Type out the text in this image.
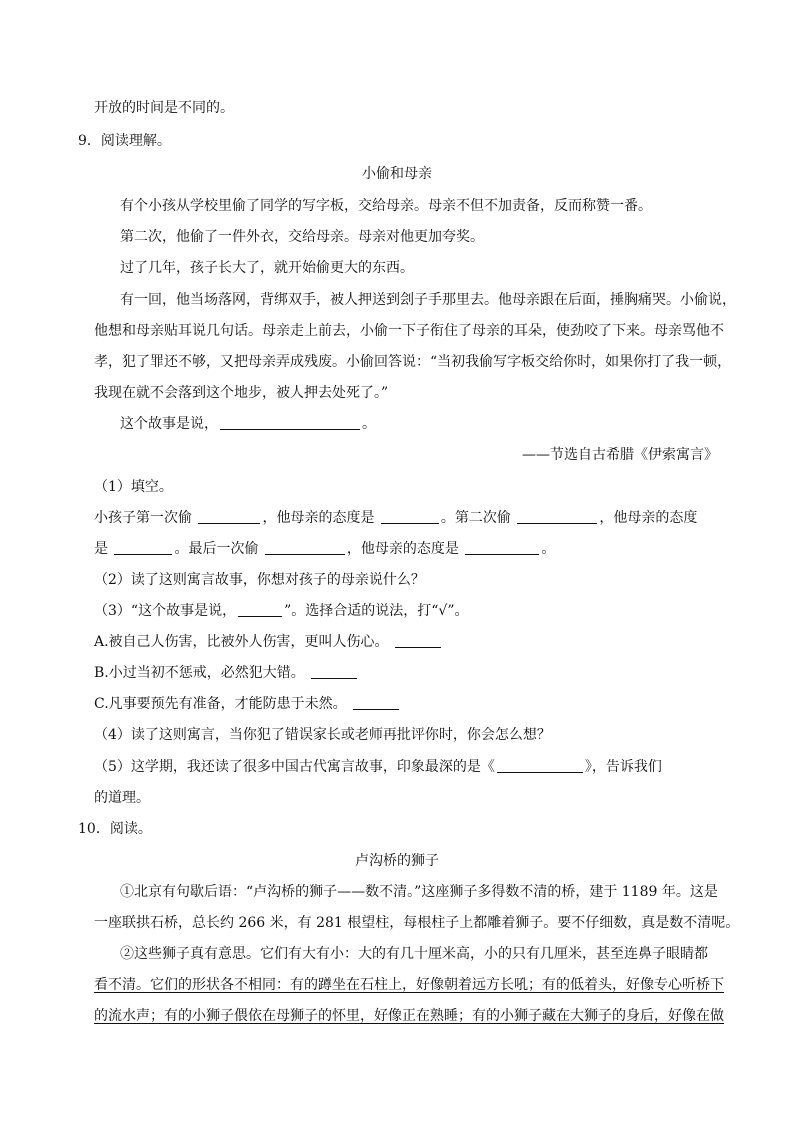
开放的时间是不同的。
9．阅读理解。
小偷和母亲
有个小孩从学校里偷了同学的写字板，交给母亲。母亲不但不加责备，反而称赞一番。
第二次，他偷了一件外衣，交给母亲。母亲对他更加夸奖。
过了几年，孩子长大了，就开始偷更大的东西。
有一回，他当场落网，背绑双手，被人押送到刽子手那里去。他母亲跟在后面，捶胸痛哭。小偷说，
他想和母亲贴耳说几句话。母亲走上前去，小偷一下子衔住了母亲的耳朵，使劲咬了下来。母亲骂他不
孝，犯了罪还不够，又把母亲弄成残废。小偷回答说：“当初我偷写字板交给你时，如果你打了我一顿，
我现在就不会落到这个地步，被人押去处死了。”
这个故事是说，	。
——节选自古希腊《伊索寓言》
（1）填空。
小孩子第一次偷	，他母亲的态度是	。第二次偷	，他母亲的态度
是	。最后一次偷	，他母亲的态度是	。
（2）读了这则寓言故事，你想对孩子的母亲说什么？
（3）“这个故事是说，	”。选择合适的说法，打“√”。
A.被自己人伤害，比被外人伤害，更叫人伤心。
B.小过当初不惩戒，必然犯大错。
C.凡事要预先有准备，才能防患于未然。
（4）读了这则寓言，当你犯了错误家长或老师再批评你时，你会怎么想？
（5）这学期，我还读了很多中国古代寓言故事，印象最深的是《	》，告诉我们
的道理。
10．阅读。
卢沟桥的狮子
①北京有句歇后语：“卢沟桥的狮子——数不清。”这座狮子多得数不清的桥，建于 1189 年。这是
一座联拱石桥，总长约 266 米，有 281 根望柱，每根柱子上都雕着狮子。要不仔细数，真是数不清呢。
②这些狮子真有意思。它们有大有小：大的有几十厘米高，小的只有几厘米，甚至连鼻子眼睛都
看不清。它们的形状各不相同：有的蹲坐在石柱上，好像朝着远方长吼；有的低着头，好像专心听桥下
的流水声；有的小狮子偎依在母狮子的怀里，好像正在熟睡；有的小狮子藏在大狮子的身后，好像在做
